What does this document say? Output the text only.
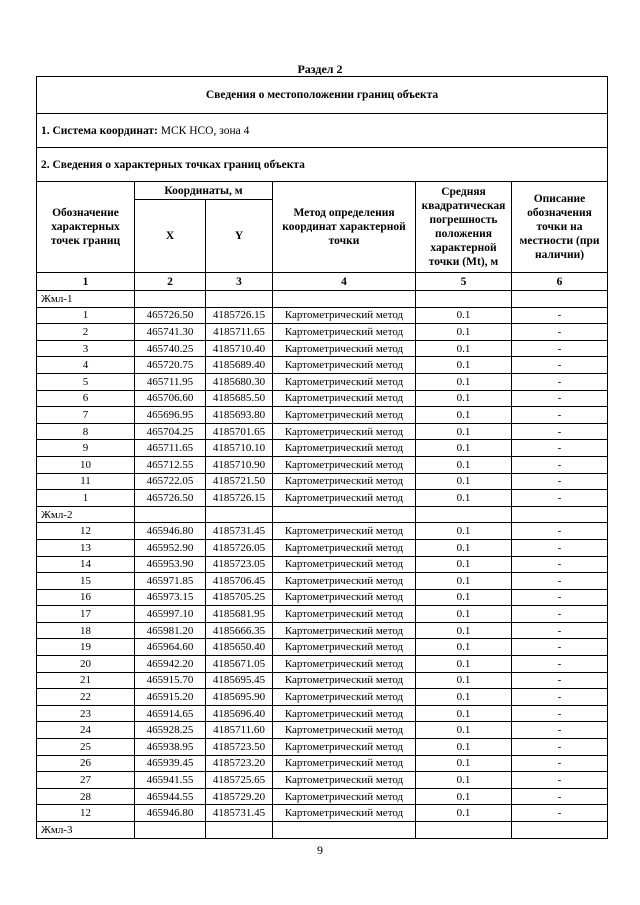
Раздел 2
Сведения о местоположении границ объекта					
1. Система координат: МСК НСО, зона 4					
2. Сведения о характерных точках границ объекта					
Обозначение характерных точек границ	Координаты, м		Метод определения координат характерной точки	Средняя квадратическая погрешность положения характерной точки (Mt), м	Описание обозначения точки на местности (при наличии)
	X	Y			
1	2	3	4	5	6
Жмл-1					
1	465726.50	4185726.15	Картометрический метод	0.1	-
2	465741.30	4185711.65	Картометрический метод	0.1	-
3	465740.25	4185710.40	Картометрический метод	0.1	-
4	465720.75	4185689.40	Картометрический метод	0.1	-
5	465711.95	4185680.30	Картометрический метод	0.1	-
6	465706.60	4185685.50	Картометрический метод	0.1	-
7	465696.95	4185693.80	Картометрический метод	0.1	-
8	465704.25	4185701.65	Картометрический метод	0.1	-
9	465711.65	4185710.10	Картометрический метод	0.1	-
10	465712.55	4185710.90	Картометрический метод	0.1	-
11	465722.05	4185721.50	Картометрический метод	0.1	-
1	465726.50	4185726.15	Картометрический метод	0.1	-
Жмл-2					
12	465946.80	4185731.45	Картометрический метод	0.1	-
13	465952.90	4185726.05	Картометрический метод	0.1	-
14	465953.90	4185723.05	Картометрический метод	0.1	-
15	465971.85	4185706.45	Картометрический метод	0.1	-
16	465973.15	4185705.25	Картометрический метод	0.1	-
17	465997.10	4185681.95	Картометрический метод	0.1	-
18	465981.20	4185666.35	Картометрический метод	0.1	-
19	465964.60	4185650.40	Картометрический метод	0.1	-
20	465942.20	4185671.05	Картометрический метод	0.1	-
21	465915.70	4185695.45	Картометрический метод	0.1	-
22	465915.20	4185695.90	Картометрический метод	0.1	-
23	465914.65	4185696.40	Картометрический метод	0.1	-
24	465928.25	4185711.60	Картометрический метод	0.1	-
25	465938.95	4185723.50	Картометрический метод	0.1	-
26	465939.45	4185723.20	Картометрический метод	0.1	-
27	465941.55	4185725.65	Картометрический метод	0.1	-
28	465944.55	4185729.20	Картометрический метод	0.1	-
12	465946.80	4185731.45	Картометрический метод	0.1	-
Жмл-3					
9
